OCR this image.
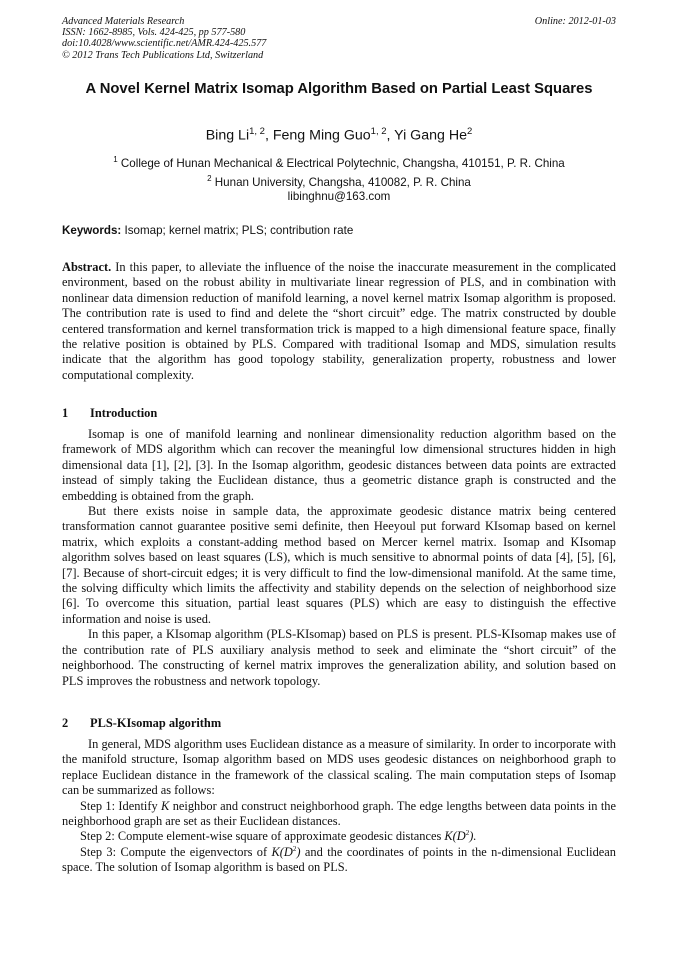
Advanced Materials Research
ISSN: 1662-8985, Vols. 424-425, pp 577-580
doi:10.4028/www.scientific.net/AMR.424-425.577
© 2012 Trans Tech Publications Ltd, Switzerland
Online: 2012-01-03
A Novel Kernel Matrix Isomap Algorithm Based on Partial Least Squares
Bing Li$^{1, 2}$, Feng Ming Guo$^{1, 2}$, Yi Gang He$^2$
$^1$ College of Hunan Mechanical & Electrical Polytechnic, Changsha, 410151, P. R. China
$^2$ Hunan University, Changsha, 410082, P. R. China
libinghnu@163.com
Keywords: Isomap; kernel matrix; PLS; contribution rate

Abstract. In this paper, to alleviate the influence of the noise the inaccurate measurement in the complicated environment, based on the robust ability in multivariate linear regression of PLS, and in combination with nonlinear data dimension reduction of manifold learning, a novel kernel matrix Isomap algorithm is proposed. The contribution rate is used to find and delete the “short circuit” edge. The matrix constructed by double centered transformation and kernel transformation trick is mapped to a high dimensional feature space, finally the relative position is obtained by PLS. Compared with traditional Isomap and MDS, simulation results indicate that the algorithm has good topology stability, generalization property, robustness and lower computational complexity.

1 Introduction

Isomap is one of manifold learning and nonlinear dimensionality reduction algorithm based on the framework of MDS algorithm which can recover the meaningful low dimensional structures hidden in high dimensional data [1], [2], [3]. In the Isomap algorithm, geodesic distances between data points are extracted instead of simply taking the Euclidean distance, thus a geometric distance graph is constructed and the embedding is obtained from the graph.

But there exists noise in sample data, the approximate geodesic distance matrix being centered transformation cannot guarantee positive semi definite, then Heeyoul put forward KIsomap based on kernel matrix, which exploits a constant-adding method based on Mercer kernel matrix. Isomap and KIsomap algorithm solves based on least squares (LS), which is much sensitive to abnormal points of data [4], [5], [6], [7]. Because of short-circuit edges; it is very difficult to find the low-dimensional manifold. At the same time, the solving difficulty which limits the affectivity and stability depends on the selection of neighborhood size [6]. To overcome this situation, partial least squares (PLS) which are easy to distinguish the effective information and noise is used.

In this paper, a KIsomap algorithm (PLS-KIsomap) based on PLS is present. PLS-KIsomap makes use of the contribution rate of PLS auxiliary analysis method to seek and eliminate the “short circuit” of the neighborhood. The constructing of kernel matrix improves the generalization ability, and solution based on PLS improves the robustness and network topology.

2 PLS-KIsomap algorithm

In general, MDS algorithm uses Euclidean distance as a measure of similarity. In order to incorporate with the manifold structure, Isomap algorithm based on MDS uses geodesic distances on neighborhood graph to replace Euclidean distance in the framework of the classical scaling. The main computation steps of Isomap can be summarized as follows:

Step 1: Identify K neighbor and construct neighborhood graph. The edge lengths between data points in the neighborhood graph are set as their Euclidean distances.

Step 2: Compute element-wise square of approximate geodesic distances $K(D^2)$.

Step 3: Compute the eigenvectors of $K(D^2)$ and the coordinates of points in the n-dimensional Euclidean space. The solution of Isomap algorithm is based on PLS.
